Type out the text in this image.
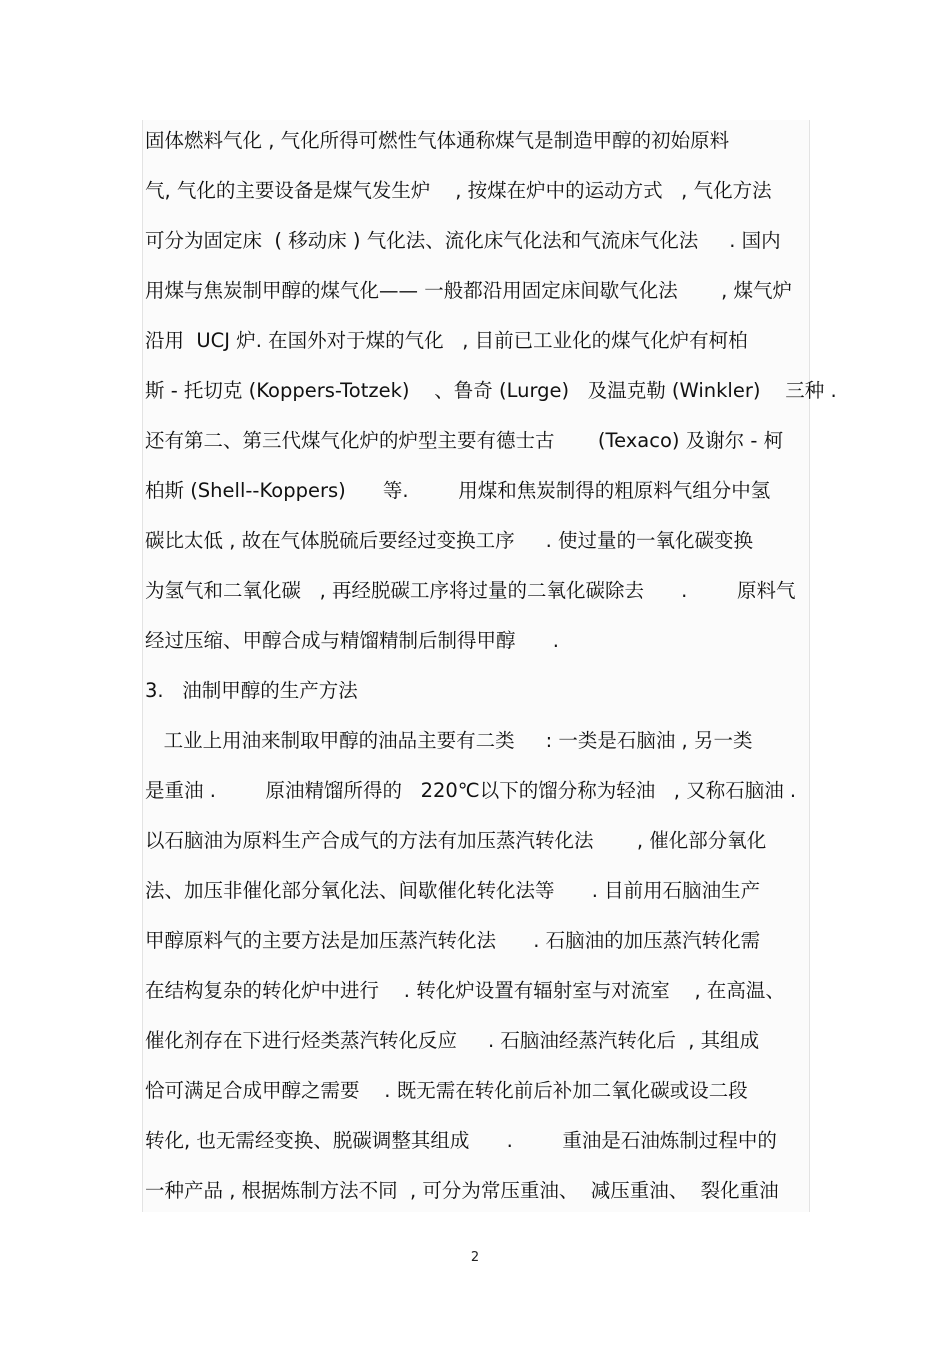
固体燃料气化 , 气化所得可燃性气体通称煤气是制造甲醇的初始原料
气, 气化的主要设备是煤气发生炉    , 按煤在炉中的运动方式   , 气化方法
可分为固定床  ( 移动床 ) 气化法、流化床气化法和气流床气化法     . 国内
用煤与焦炭制甲醇的煤气化—— 一般都沿用固定床间歇气化法       , 煤气炉
沿用  UCJ 炉. 在国外对于煤的气化   , 目前已工业化的煤气化炉有柯柏
斯 - 托切克 (Koppers-Totzek)    、鲁奇 (Lurge)   及温克勒 (Winkler)    三种 .
还有第二、第三代煤气化炉的炉型主要有德士古       (Texaco) 及谢尔 - 柯
柏斯 (Shell--Koppers)      等.        用煤和焦炭制得的粗原料气组分中氢
碳比太低 , 故在气体脱硫后要经过变换工序     . 使过量的一氧化碳变换
为氢气和二氧化碳   , 再经脱碳工序将过量的二氧化碳除去      .        原料气
经过压缩、甲醇合成与精馏精制后制得甲醇      .
3.   油制甲醇的生产方法
工业上用油来制取甲醇的油品主要有二类     : 一类是石脑油 , 另一类
是重油 .        原油精馏所得的   220℃以下的馏分称为轻油   , 又称石脑油 .
以石脑油为原料生产合成气的方法有加压蒸汽转化法       , 催化部分氧化
法、加压非催化部分氧化法、间歇催化转化法等      . 目前用石脑油生产
甲醇原料气的主要方法是加压蒸汽转化法      . 石脑油的加压蒸汽转化需
在结构复杂的转化炉中进行    . 转化炉设置有辐射室与对流室    , 在高温、
催化剂存在下进行烃类蒸汽转化反应     . 石脑油经蒸汽转化后  , 其组成
恰可满足合成甲醇之需要    . 既无需在转化前后补加二氧化碳或设二段
转化, 也无需经变换、脱碳调整其组成      .        重油是石油炼制过程中的
一种产品 , 根据炼制方法不同  , 可分为常压重油、  减压重油、  裂化重油
2
